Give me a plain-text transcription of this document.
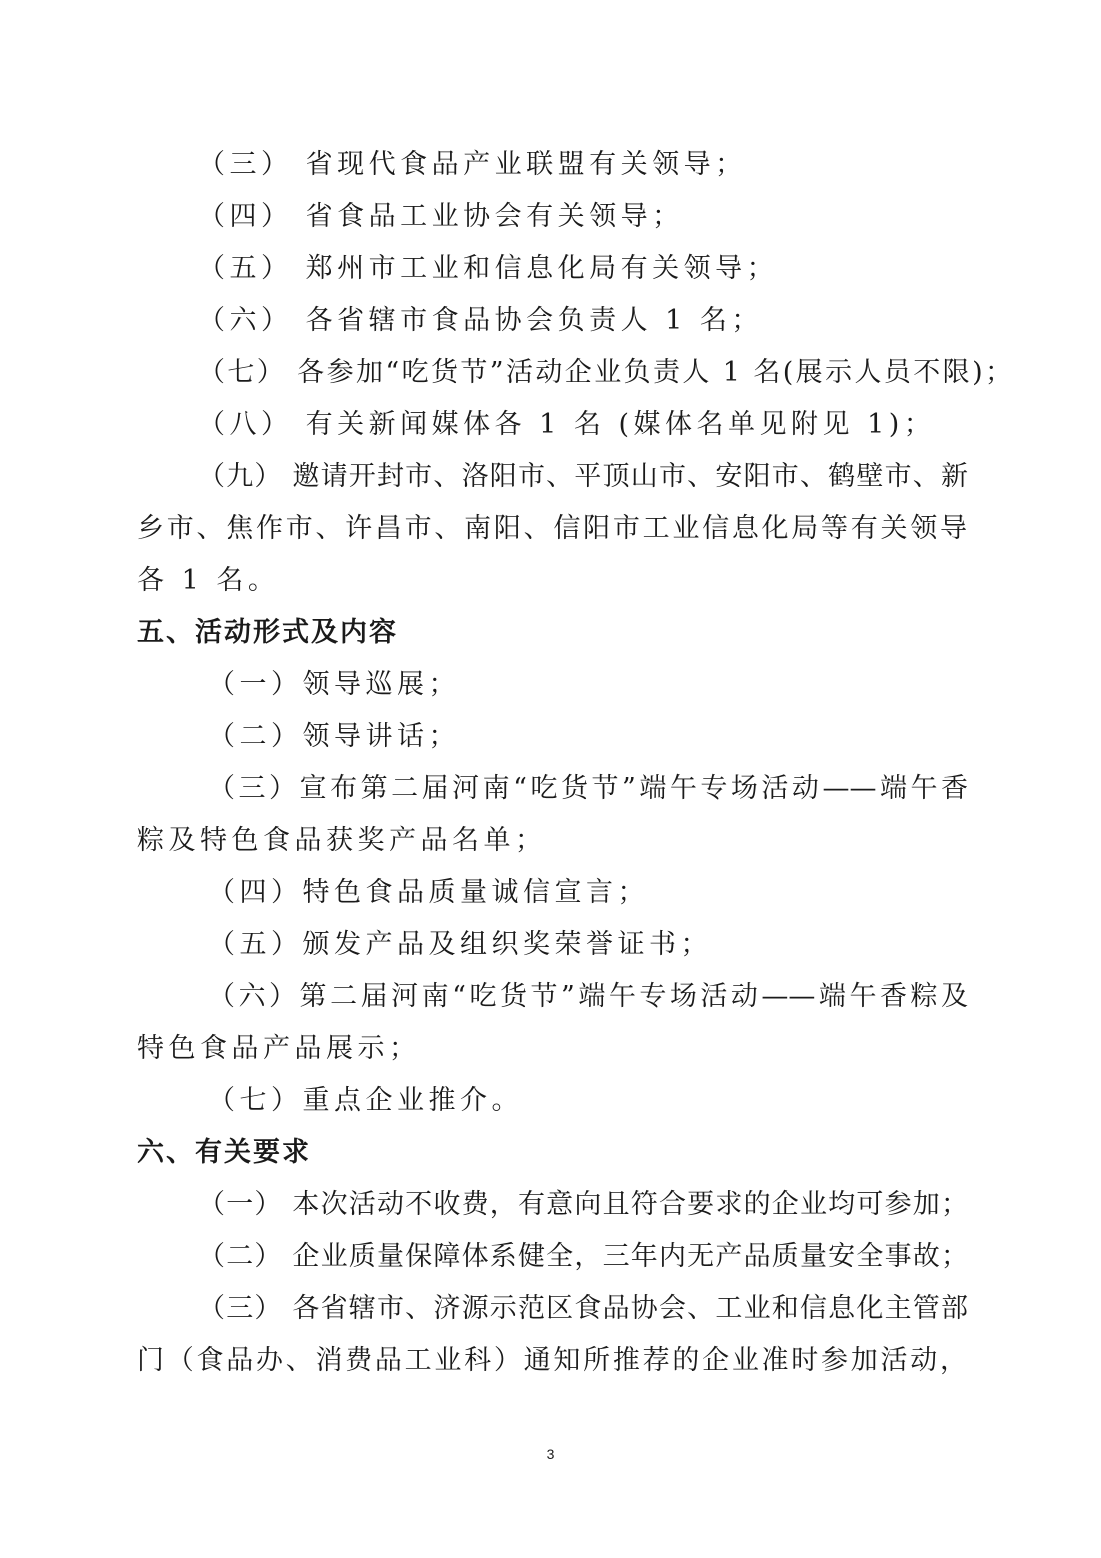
（三） 省现代食品产业联盟有关领导；
（四） 省食品工业协会有关领导；
（五） 郑州市工业和信息化局有关领导；
（六） 各省辖市食品协会负责人 1 名；
（七） 各参加“吃货节”活动企业负责人 1 名(展示人员不限)；
（八） 有关新闻媒体各 1 名 (媒体名单见附见 1)；
（九） 邀请开封市、洛阳市、平顶山市、安阳市、鹤壁市、新
乡市、焦作市、许昌市、南阳、信阳市工业信息化局等有关领导
各 1 名。
五、活动形式及内容
（一）领导巡展；
（二）领导讲话；
（三）宣布第二届河南“吃货节”端午专场活动——端午香
粽及特色食品获奖产品名单；
（四）特色食品质量诚信宣言；
（五）颁发产品及组织奖荣誉证书；
（六）第二届河南“吃货节”端午专场活动——端午香粽及
特色食品产品展示；
（七）重点企业推介。
六、有关要求
（一） 本次活动不收费，有意向且符合要求的企业均可参加；
（二） 企业质量保障体系健全，三年内无产品质量安全事故；
（三） 各省辖市、济源示范区食品协会、工业和信息化主管部
门（食品办、消费品工业科）通知所推荐的企业准时参加活动，
3
